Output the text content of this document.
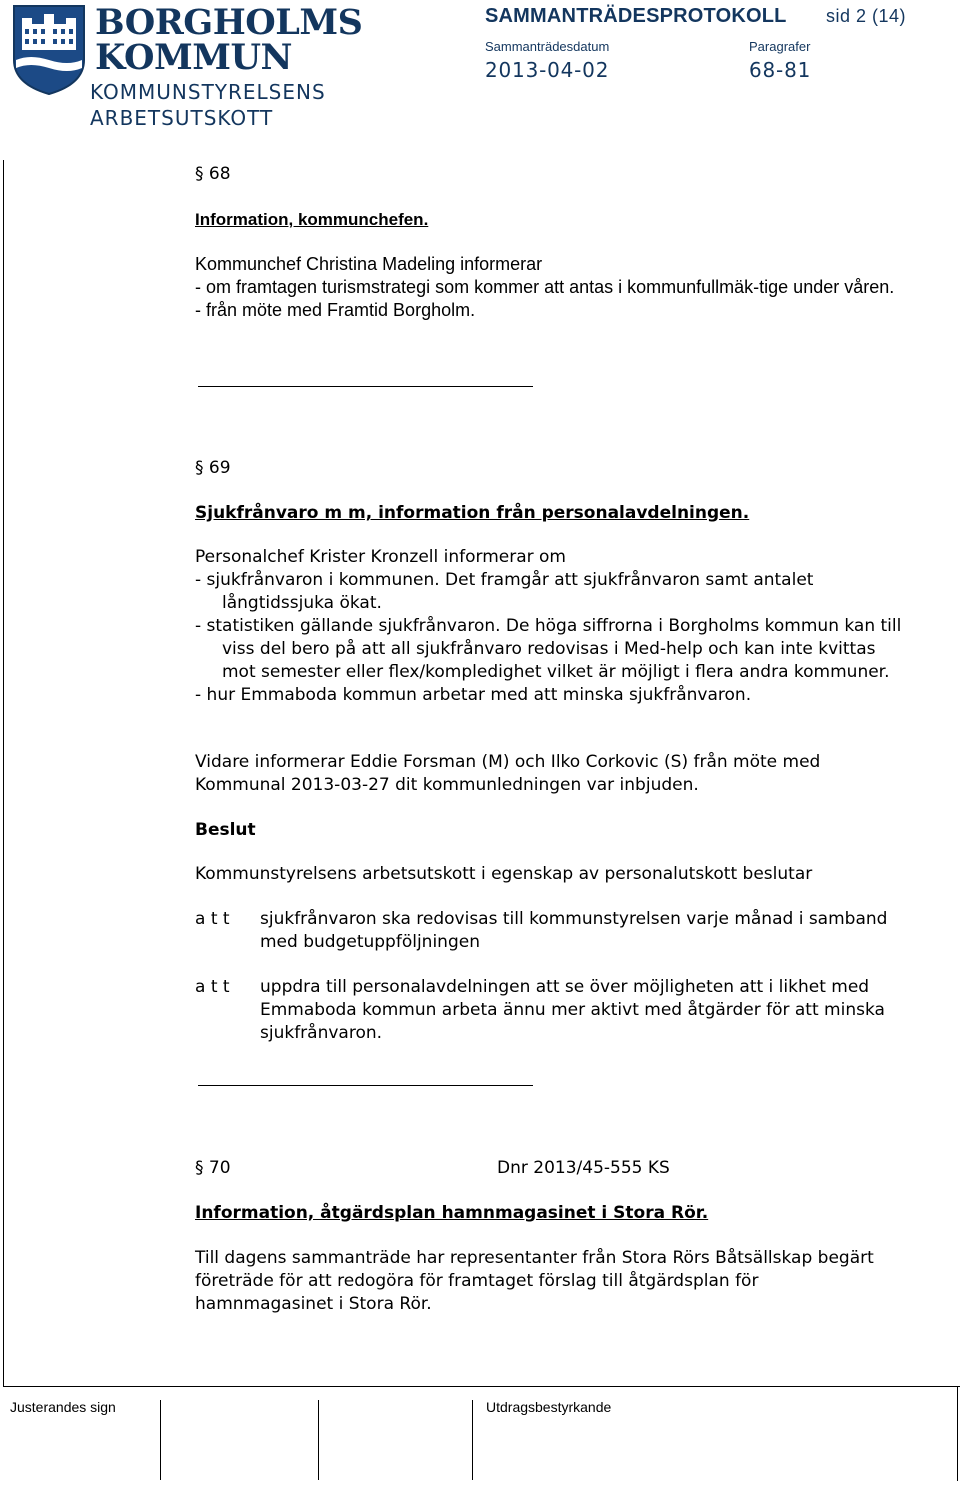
BORGHOLMS
KOMMUN
KOMMUNSTYRELSENS
ARBETSUTSKOTT
SAMMANTRÄDESPROTOKOLL sid 2 (14)
Sammanträdesdatum	Paragrafer
2013-04-02	68-81
§ 68
Information, kommunchefen.
Kommunchef Christina Madeling informerar
- om framtagen turismstrategi som kommer att antas i kommunfullmäk-tige under våren.
- från möte med Framtid Borgholm.
§ 69
Sjukfrånvaro m m, information från personalavdelningen.
Personalchef Krister Kronzell informerar om
- sjukfrånvaron i kommunen. Det framgår att sjukfrånvaron samt antalet långtidssjuka ökat.
- statistiken gällande sjukfrånvaron. De höga siffrorna i Borgholms kommun kan till viss del bero på att all sjukfrånvaro redovisas i Med-help och kan inte kvittas mot semester eller flex/kompledighet vilket är möjligt i flera andra kommuner.
- hur Emmaboda kommun arbetar med att minska sjukfrånvaron.
Vidare informerar Eddie Forsman (M) och Ilko Corkovic (S) från möte med Kommunal 2013-03-27 dit kommunledningen var inbjuden.
Beslut
Kommunstyrelsens arbetsutskott i egenskap av personalutskott beslutar
a t t sjukfrånvaron ska redovisas till kommunstyrelsen varje månad i samband med budgetuppföljningen
a t t uppdra till personalavdelningen att se över möjligheten att i likhet med Emmaboda kommun arbeta ännu mer aktivt med åtgärder för att minska sjukfrånvaron.
§ 70	Dnr 2013/45-555 KS
Information, åtgärdsplan hamnmagasinet i Stora Rör.
Till dagens sammanträde har representanter från Stora Rörs Båtsällskap begärt företräde för att redogöra för framtaget förslag till åtgärdsplan för hamnmagasinet i Stora Rör.
Justerandes sign	Utdragsbestyrkande
